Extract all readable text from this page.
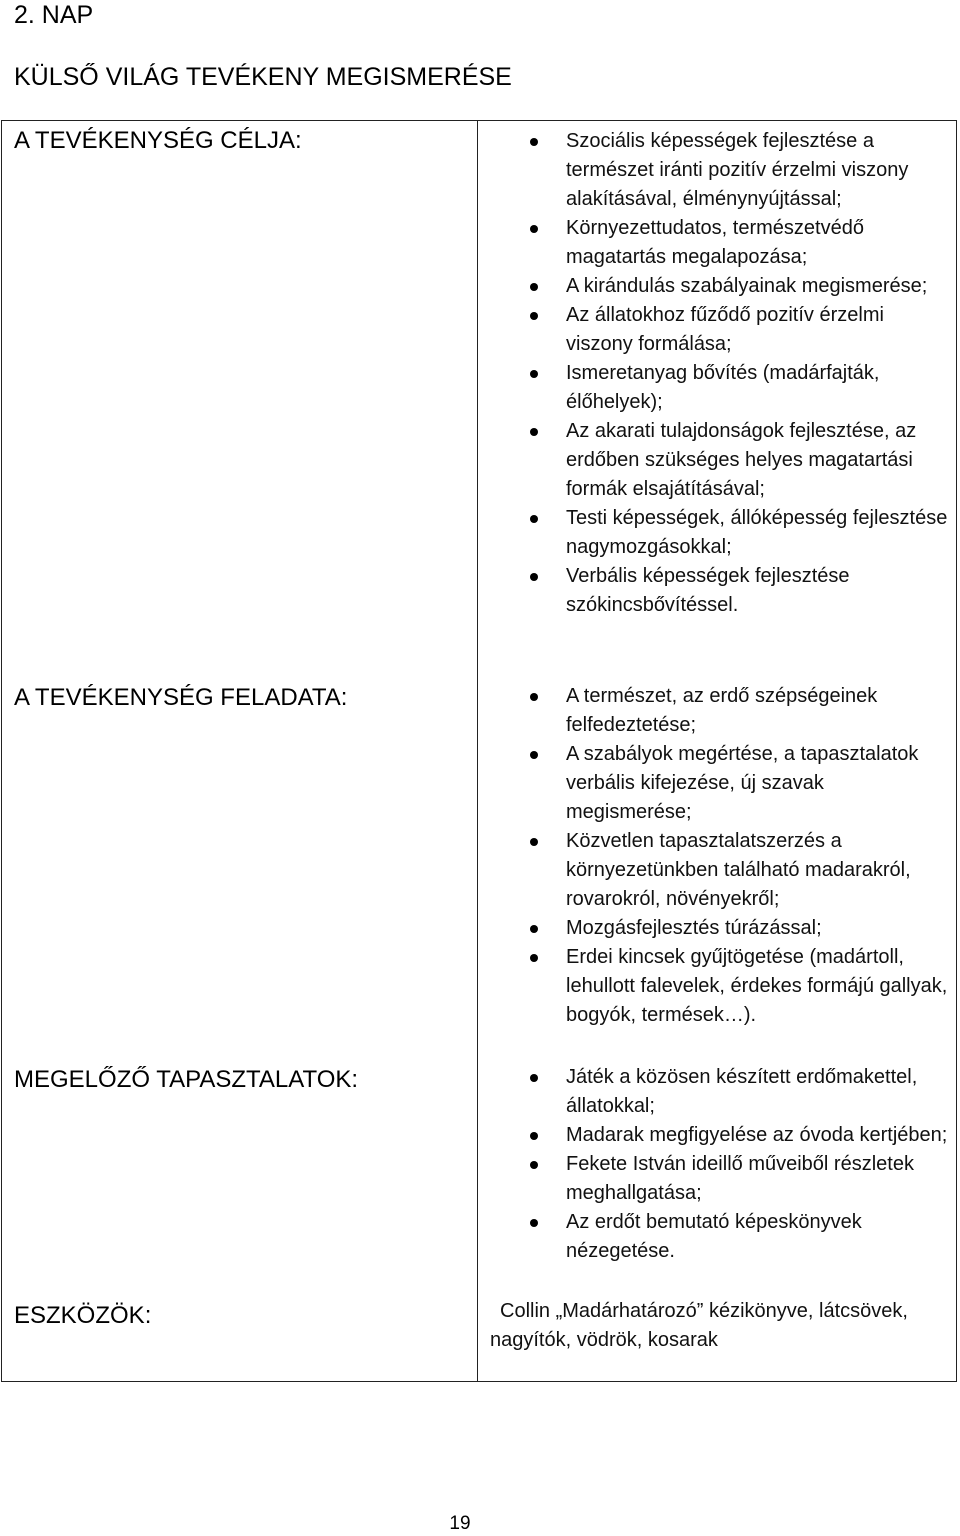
2. NAP
KÜLSŐ VILÁG TEVÉKENY MEGISMERÉSE
A TEVÉKENYSÉG CÉLJA:	Szociális képességek fejlesztése a természet iránti pozitív érzelmi viszony alakításával, élménynyújtással;
Környezettudatos, természetvédő magatartás megalapozása;
A kirándulás szabályainak megismerése;
Az állatokhoz fűződő pozitív érzelmi viszony formálása;
Ismeretanyag bővítés (madárfajták, élőhelyek);
Az akarati tulajdonságok fejlesztése, az erdőben szükséges helyes magatartási formák elsajátításával;
Testi képességek, állóképesség fejlesztése nagymozgásokkal;
Verbális képességek fejlesztése szókincsbővítéssel.
A TEVÉKENYSÉG FELADATA:	A természet, az erdő szépségeinek felfedeztetése;
A szabályok megértése, a tapasztalatok verbális kifejezése, új szavak megismerése;
Közvetlen tapasztalatszerzés a környezetünkben található madarakról, rovarokról, növényekről;
Mozgásfejlesztés túrázással;
Erdei kincsek gyűjtögetése (madártoll, lehullott falevelek, érdekes formájú gallyak, bogyók, termések…).
MEGELŐZŐ TAPASZTALATOK:	Játék a közösen készített erdőmakettel, állatokkal;
Madarak megfigyelése az óvoda kertjében;
Fekete István ideillő műveiből részletek meghallgatása;
Az erdőt bemutató képeskönyvek nézegetése.
ESZKÖZÖK:	Collin „Madárhatározó” kézikönyve, látcsövek, nagyítók, vödrök, kosarak

19
